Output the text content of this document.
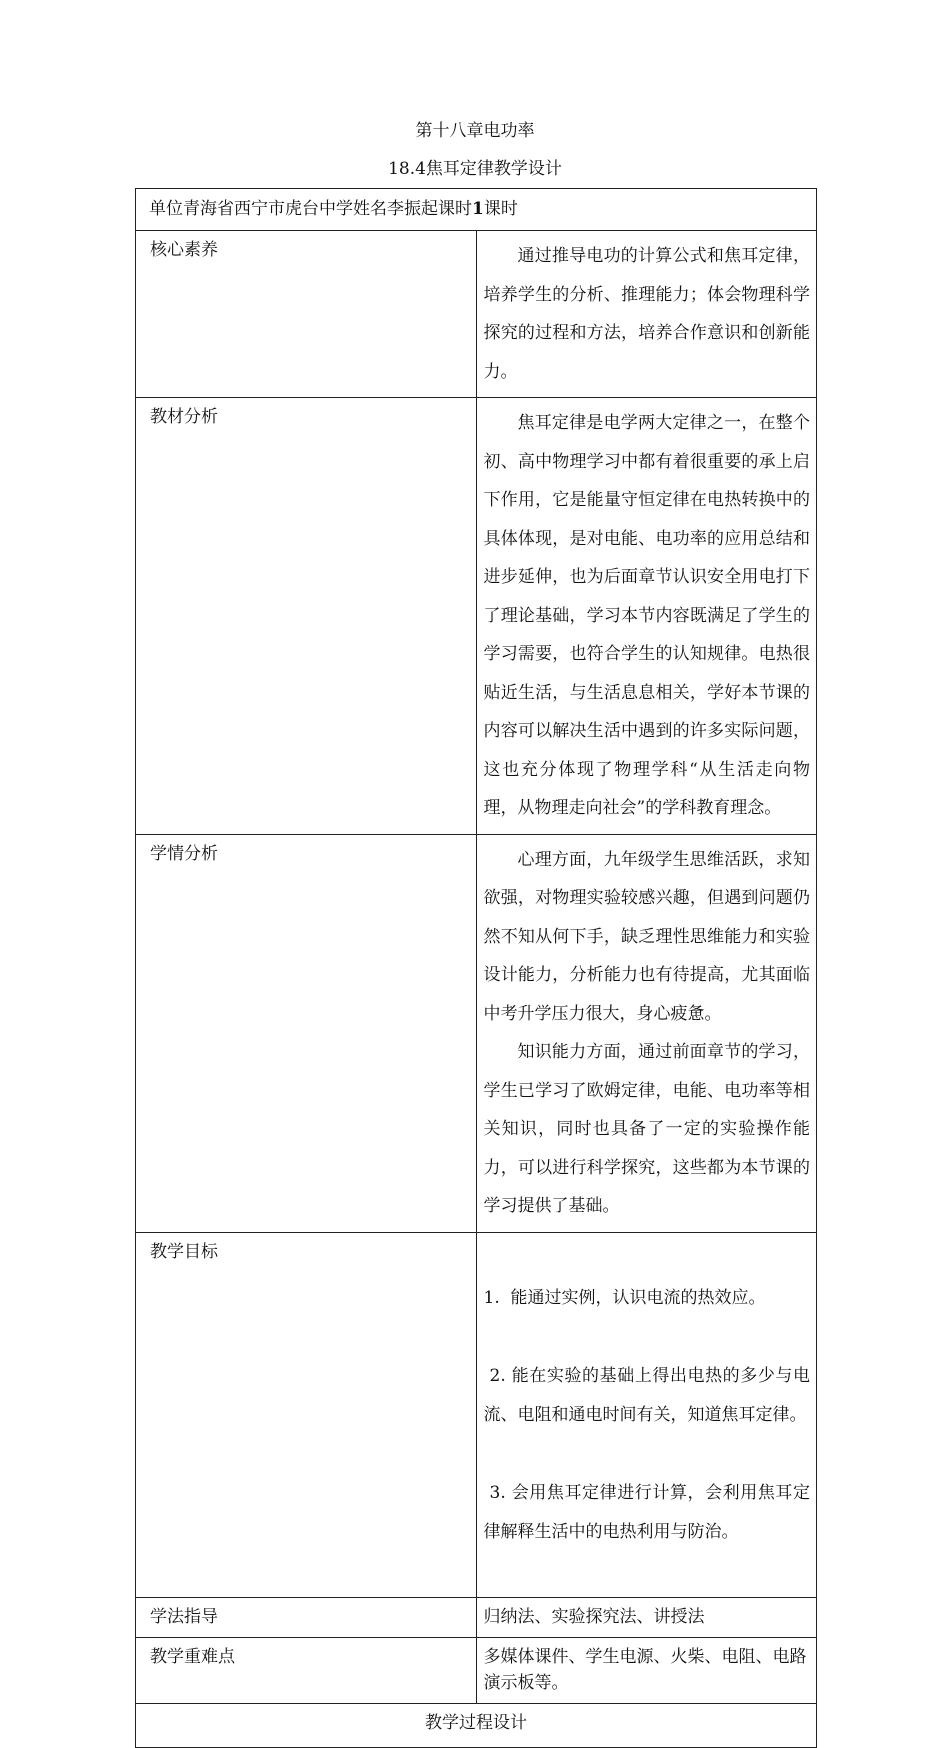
第十八章电功率
18.4焦耳定律教学设计
单位青海省西宁市虎台中学姓名李振起课时1课时	
核心素养	通过推导电功的计算公式和焦耳定律，培养学生的分析、推理能力；体会物理科学探究的过程和方法，培养合作意识和创新能力。

教材分析	焦耳定律是电学两大定律之一，在整个初、高中物理学习中都有着很重要的承上启下作用，它是能量守恒定律在电热转换中的具体体现，是对电能、电功率的应用总结和进步延伸，也为后面章节认识安全用电打下了理论基础，学习本节内容既满足了学生的学习需要，也符合学生的认知规律。电热很贴近生活，与生活息息相关，学好本节课的内容可以解决生活中遇到的许多实际问题，这也充分体现了物理学科“从生活走向物理，从物理走向社会”的学科教育理念。

学情分析	心理方面，九年级学生思维活跃，求知欲强，对物理实验较感兴趣，但遇到问题仍然不知从何下手，缺乏理性思维能力和实验设计能力，分析能力也有待提高，尤其面临中考升学压力很大，身心疲惫。

知识能力方面，通过前面章节的学习，学生已学习了欧姆定律，电能、电功率等相关知识，同时也具备了一定的实验操作能力，可以进行科学探究，这些都为本节课的学习提供了基础。

教学目标	1.  能通过实例，认识电流的热效应。

2. 能在实验的基础上得出电热的多少与电流、电阻和通电时间有关，知道焦耳定律。

3. 会用焦耳定律进行计算，会利用焦耳定律解释生活中的电热利用与防治。

学法指导	归纳法、实验探究法、讲授法
教学重难点	多媒体课件、学生电源、火柴、电阻、电路演示板等。
教学过程设计	
